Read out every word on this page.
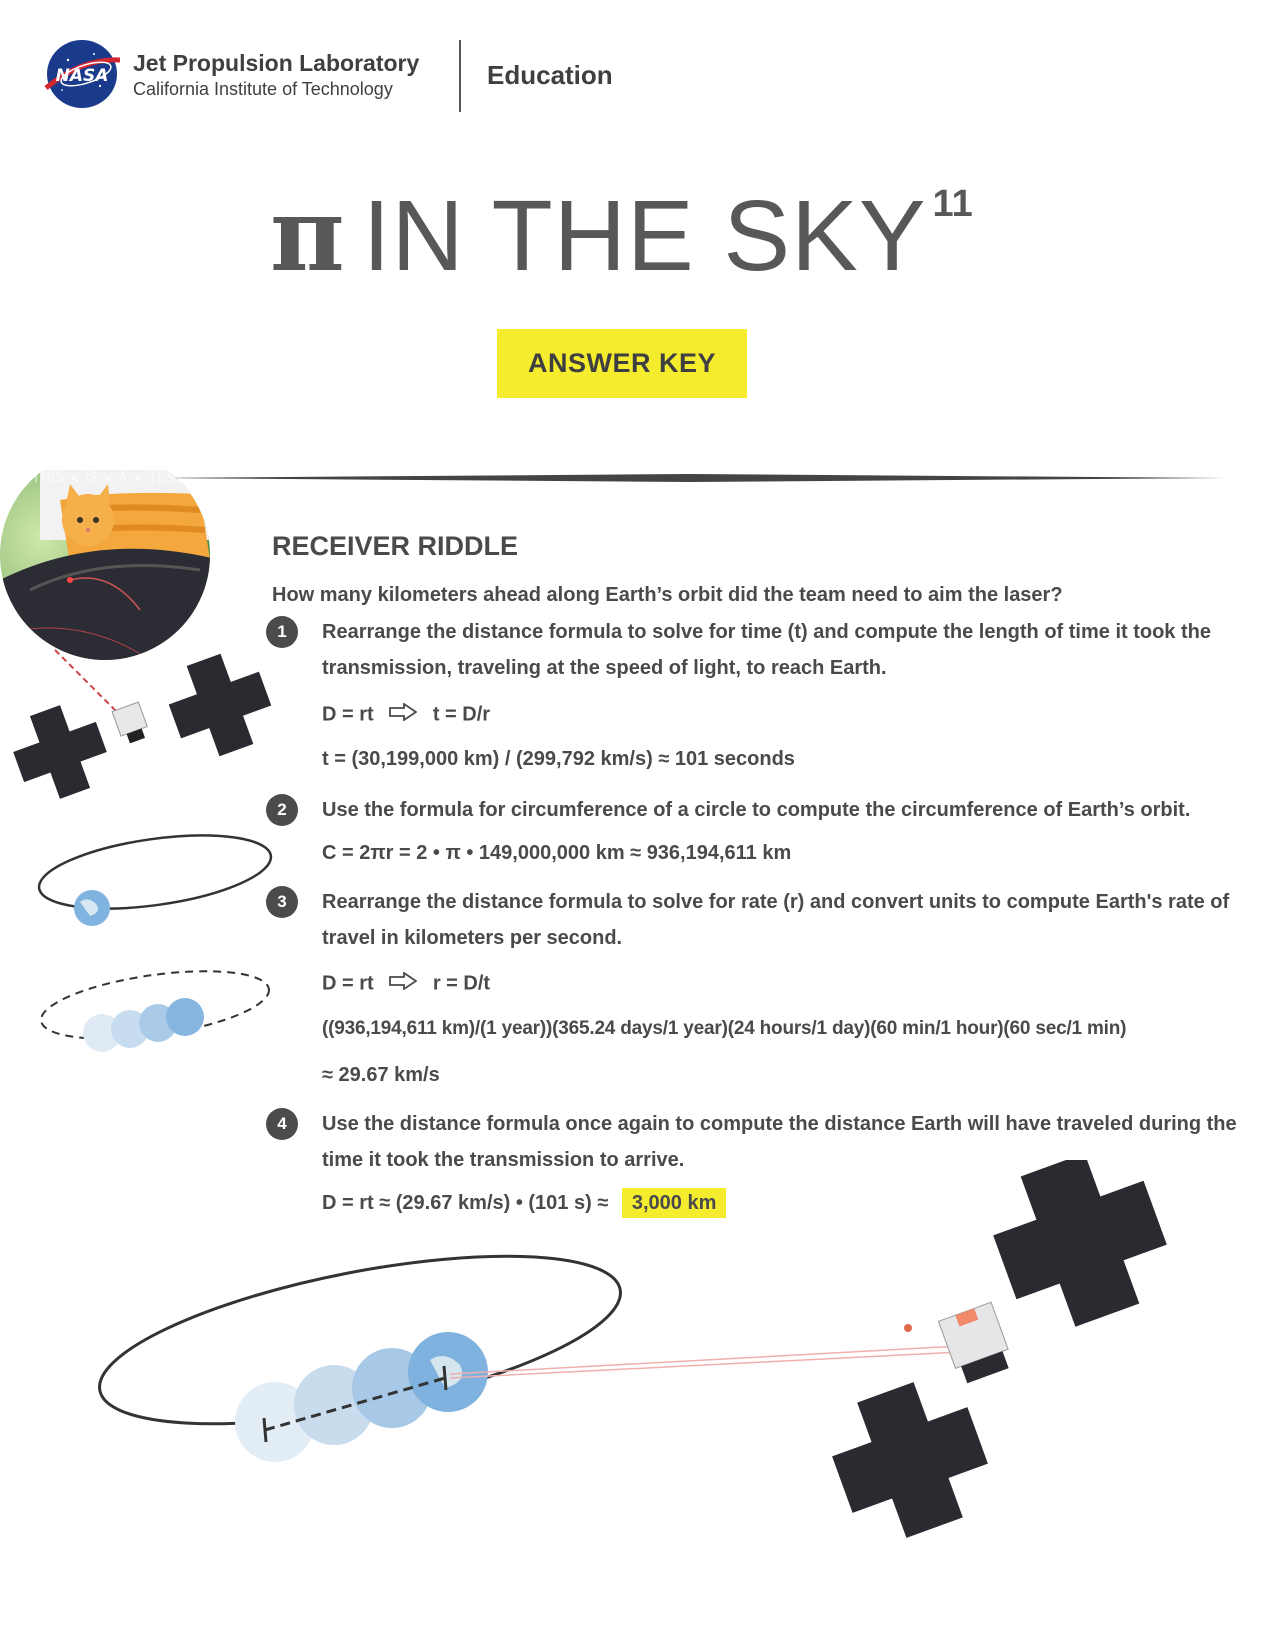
NASA Jet Propulsion Laboratory
California Institute of Technology	Education
π IN THE SKY 11
ANSWER KEY
THIS × IS × A × TEST
RECEIVER RIDDLE
How many kilometers ahead along Earth’s orbit did the team need to aim the laser?
1	Rearrange the distance formula to solve for time (t) and compute the length of time it took the transmission, traveling at the speed of light, to reach Earth.
D = rt	t = D/r
t = (30,199,000 km) / (299,792 km/s) ≈ 101 seconds
2	Use the formula for circumference of a circle to compute the circumference of Earth’s orbit.
C = 2πr = 2 • π • 149,000,000 km ≈ 936,194,611 km
3	Rearrange the distance formula to solve for rate (r) and convert units to compute Earth's rate of travel in kilometers per second.
D = rt	r = D/t
((936,194,611 km)/(1 year))(365.24 days/1 year)(24 hours/1 day)(60 min/1 hour)(60 sec/1 min)
≈ 29.67 km/s
4	Use the distance formula once again to compute the distance Earth will have traveled during the time it took the transmission to arrive.
D = rt ≈ (29.67 km/s) • (101 s) ≈ 3,000 km
